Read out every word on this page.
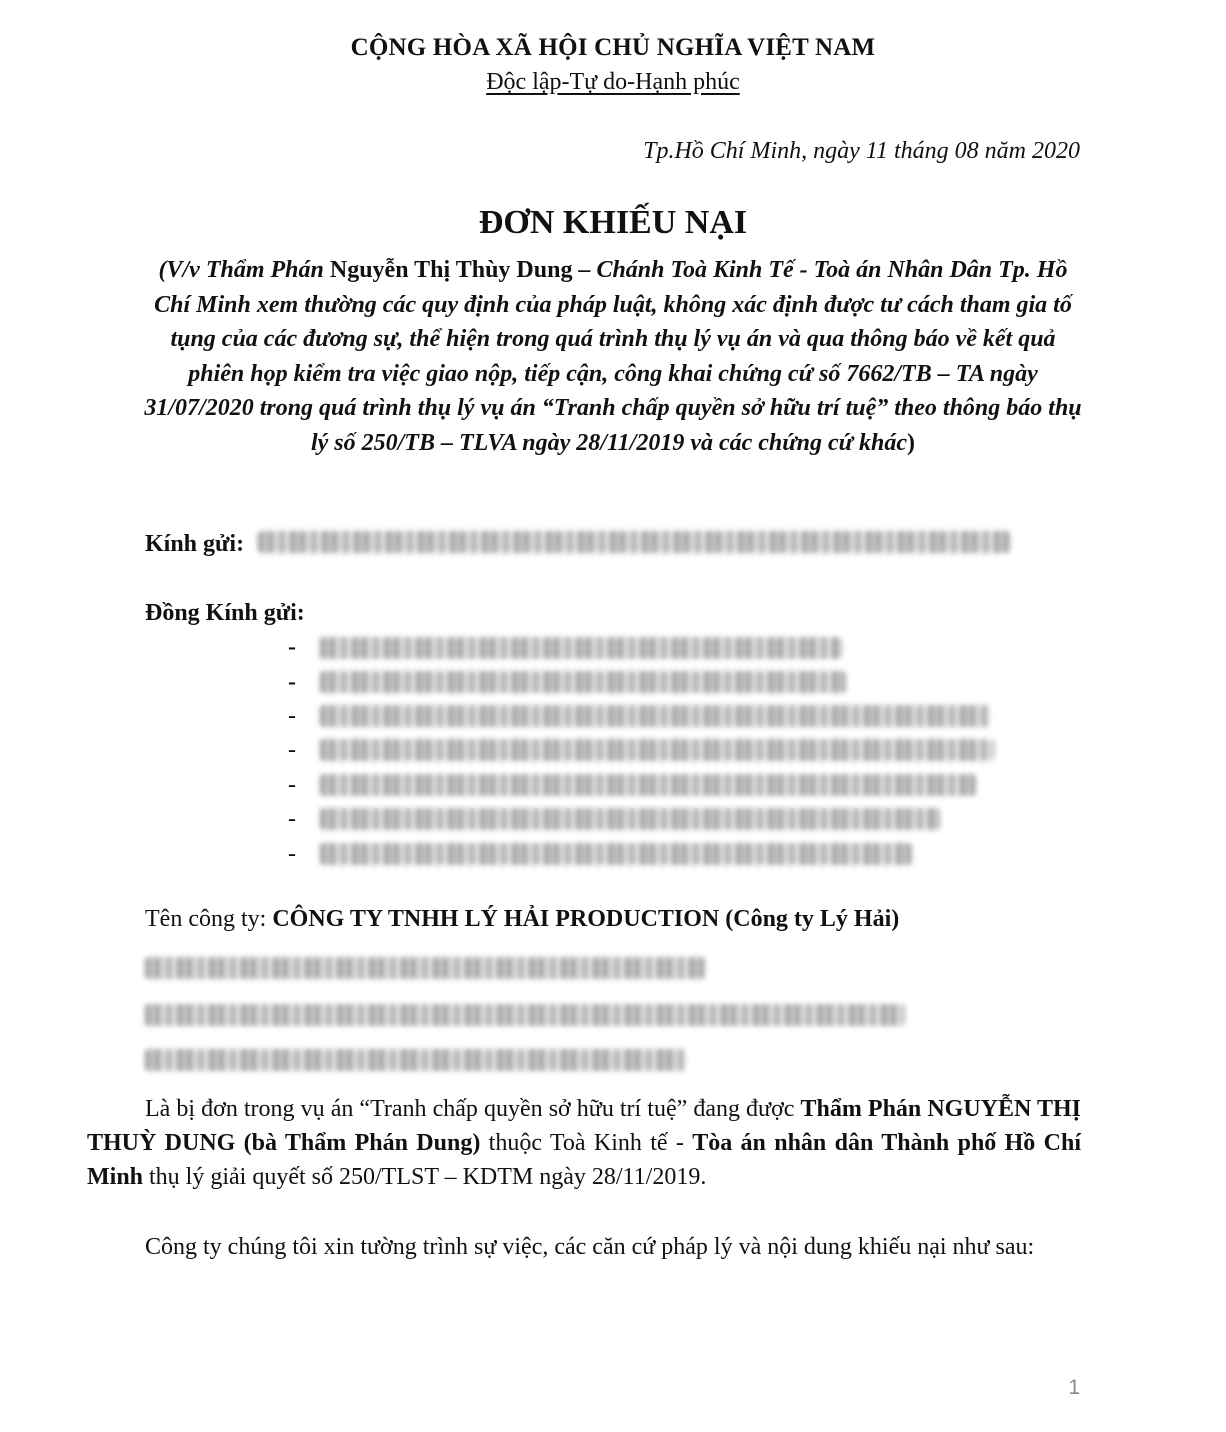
CỘNG HÒA XÃ HỘI CHỦ NGHĨA VIỆT NAM
Độc lập-Tự do-Hạnh phúc
Tp.Hồ Chí Minh, ngày 11 tháng 08 năm 2020
ĐƠN KHIẾU NẠI
(V/v Thẩm Phán Nguyễn Thị Thùy Dung – Chánh Toà Kinh Tế - Toà án Nhân Dân Tp. Hồ Chí Minh xem thường các quy định của pháp luật, không xác định được tư cách tham gia tố tụng của các đương sự, thể hiện trong quá trình thụ lý vụ án và qua thông báo về kết quả phiên họp kiểm tra việc giao nộp, tiếp cận, công khai chứng cứ số 7662/TB – TA ngày 31/07/2020 trong quá trình thụ lý vụ án “Tranh chấp quyền sở hữu trí tuệ” theo thông báo thụ lý số 250/TB – TLVA ngày 28/11/2019 và các chứng cứ khác)
Kính gửi:
Đồng Kính gửi:
-
-
-
-
-
-
-
Tên công ty: CÔNG TY TNHH LÝ HẢI PRODUCTION (Công ty Lý Hải)
Là bị đơn trong vụ án “Tranh chấp quyền sở hữu trí tuệ” đang được Thẩm Phán NGUYỄN THỊ THUỲ DUNG (bà Thẩm Phán Dung) thuộc Toà Kinh tế - Tòa án nhân dân Thành phố Hồ Chí Minh thụ lý giải quyết số 250/TLST – KDTM ngày 28/11/2019.
Công ty chúng tôi xin tường trình sự việc, các căn cứ pháp lý và nội dung khiếu nại như sau:
1
